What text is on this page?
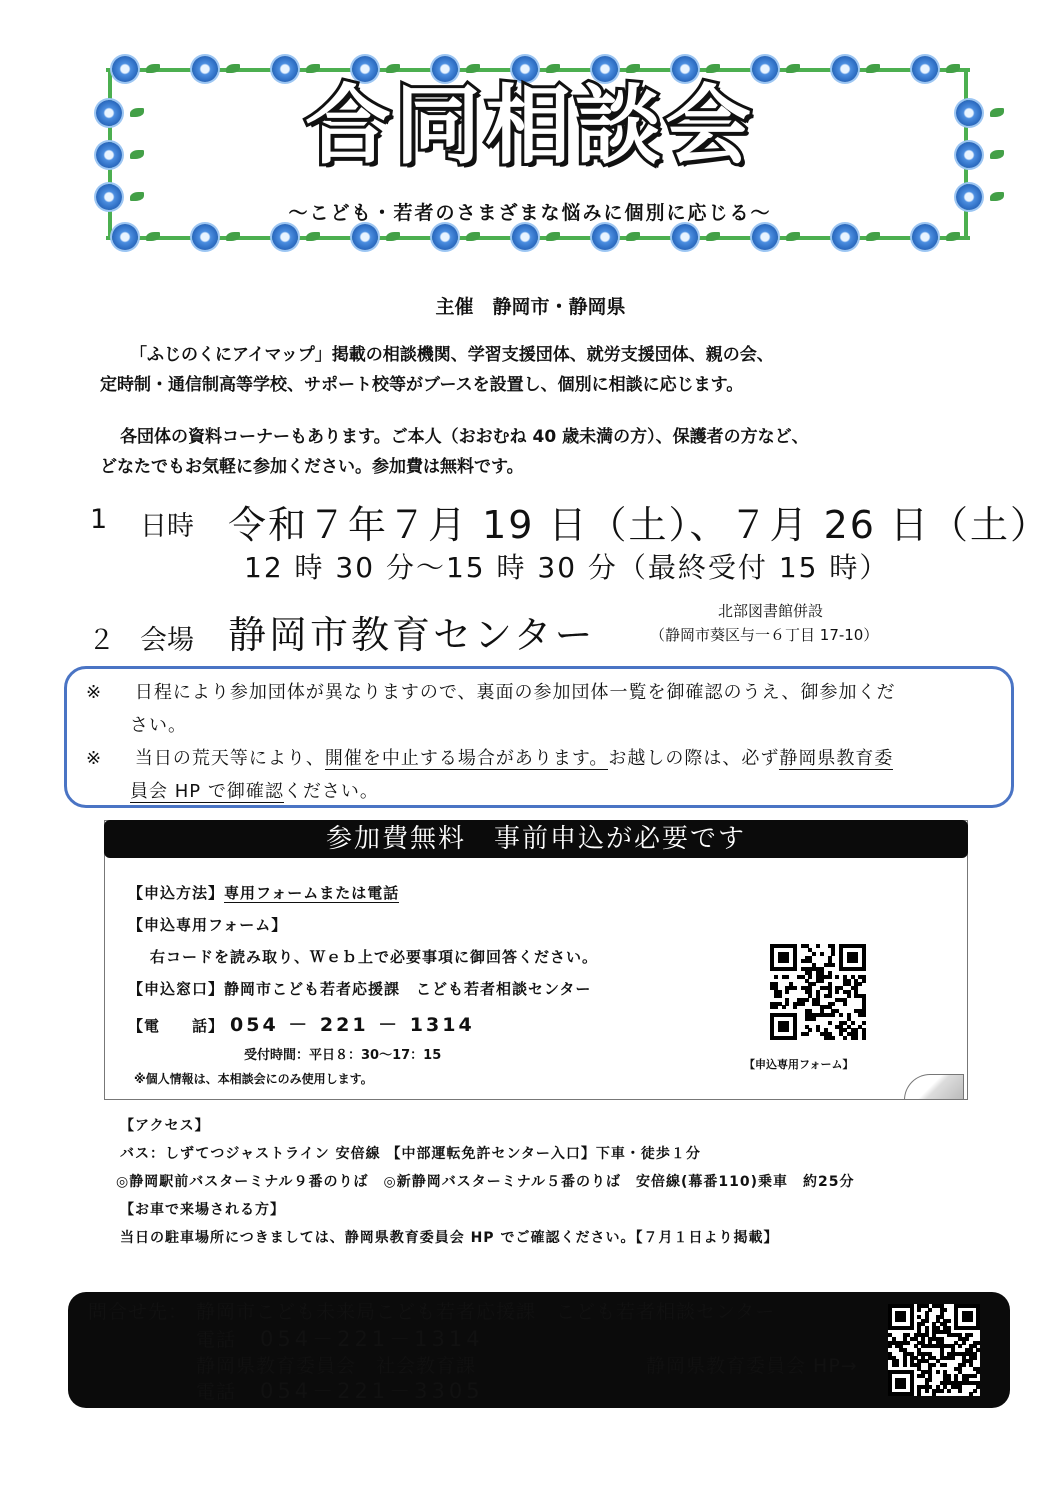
合同相談会
～こども・若者のさまざまな悩みに個別に応じる～
主催　静岡市・静岡県
「ふじのくにアイマップ」掲載の相談機関、学習支援団体、就労支援団体、親の会、
定時制・通信制高等学校、サポート校等がブースを設置し、個別に相談に応じます。
各団体の資料コーナーもあります。ご本人（おおむね 40 歳未満の方）、保護者の方など、
どなたでもお気軽に参加ください。参加費は無料です。
1 日時 令和７年７月 19 日（土）、７月 26 日（土）
12 時 30 分～15 時 30 分（最終受付 15 時）
２ 会場 静岡市教育センター
北部図書館併設
（静岡市葵区与一６丁目 17-10）
※ 日程により参加団体が異なりますので、裏面の参加団体一覧を御確認のうえ、御参加くだ
さい。
※ 当日の荒天等により、開催を中止する場合があります。お越しの際は、必ず静岡県教育委
員会 HP で御確認ください。
参加費無料　事前申込が必要です
【申込方法】専用フォームまたは電話
【申込専用フォーム】
右コードを読み取り、Ｗｅｂ上で必要事項に御回答ください。
【申込窓口】静岡市こども若者応援課　こども若者相談センター
【電　　話】 054 － 221 － 1314
受付時間：平日８：30～17：15
※個人情報は、本相談会にのみ使用します。
【申込専用フォーム】
【アクセス】
バス：しずてつジャストライン 安倍線 【中部運転免許センター入口】下車・徒歩１分
◎静岡駅前バスターミナル９番のりば　◎新静岡バスターミナル５番のりば　安倍線(幕番110)乗車　約25分
【お車で来場される方】
当日の駐車場所につきましては、静岡県教育委員会 HP でご確認ください。【７月１日より掲載】
問合せ先： 静岡市こども未来局こども若者応援課　こども若者相談センター
電話 054－221－1314
静岡県教育委員会　社会教育課
電話 054－221－3305
静岡県教育委員会 HP→
